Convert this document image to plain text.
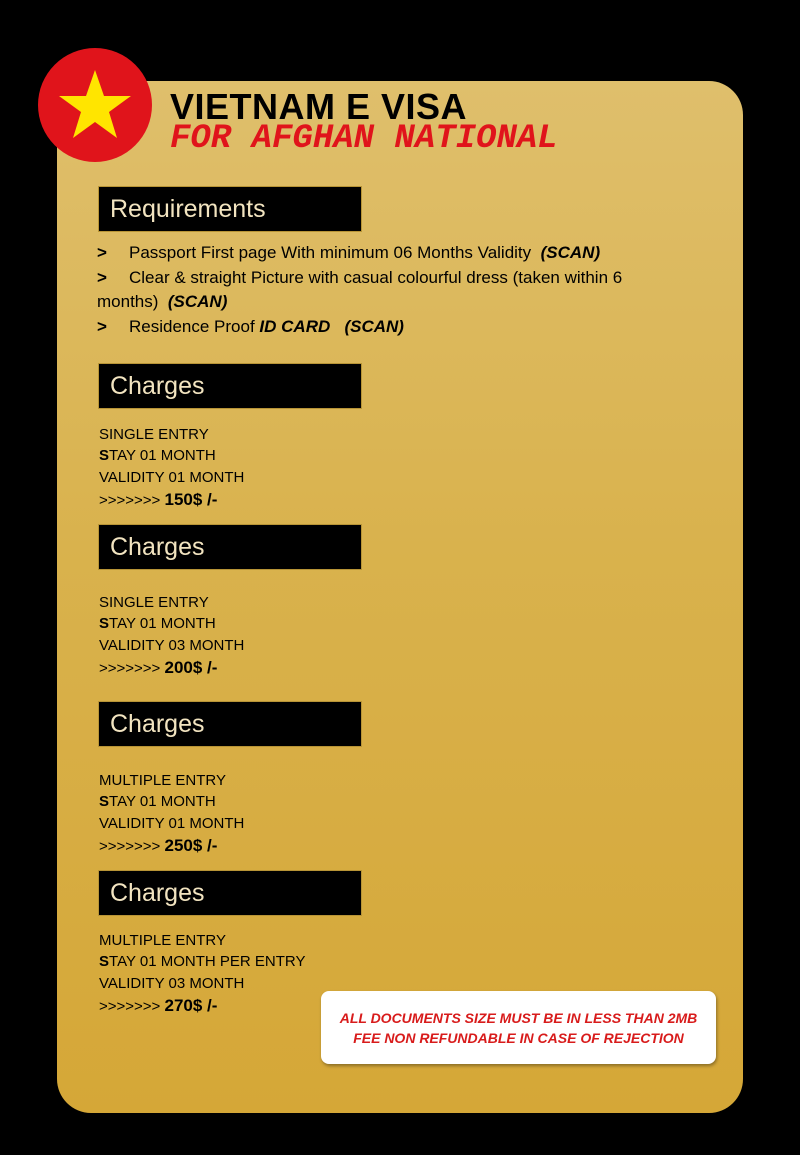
VIETNAM E VISA
FOR AFGHAN NATIONAL
Requirements
> Passport First page With minimum 06 Months Validity (SCAN)
> Clear & straight Picture with casual colourful dress (taken within 6
months) (SCAN)
> Residence Proof ID CARD (SCAN)
Charges
SINGLE ENTRY
STAY 01 MONTH
VALIDITY 01 MONTH
>>>>>>> 150$ /-
Charges
SINGLE ENTRY
STAY 01 MONTH
VALIDITY 03 MONTH
>>>>>>> 200$ /-
Charges
MULTIPLE ENTRY
STAY 01 MONTH
VALIDITY 01 MONTH
>>>>>>> 250$ /-
Charges
MULTIPLE ENTRY
STAY 01 MONTH PER ENTRY
VALIDITY 03 MONTH
>>>>>>> 270$ /-
ALL DOCUMENTS SIZE MUST BE IN LESS THAN 2MB
FEE NON REFUNDABLE IN CASE OF REJECTION
